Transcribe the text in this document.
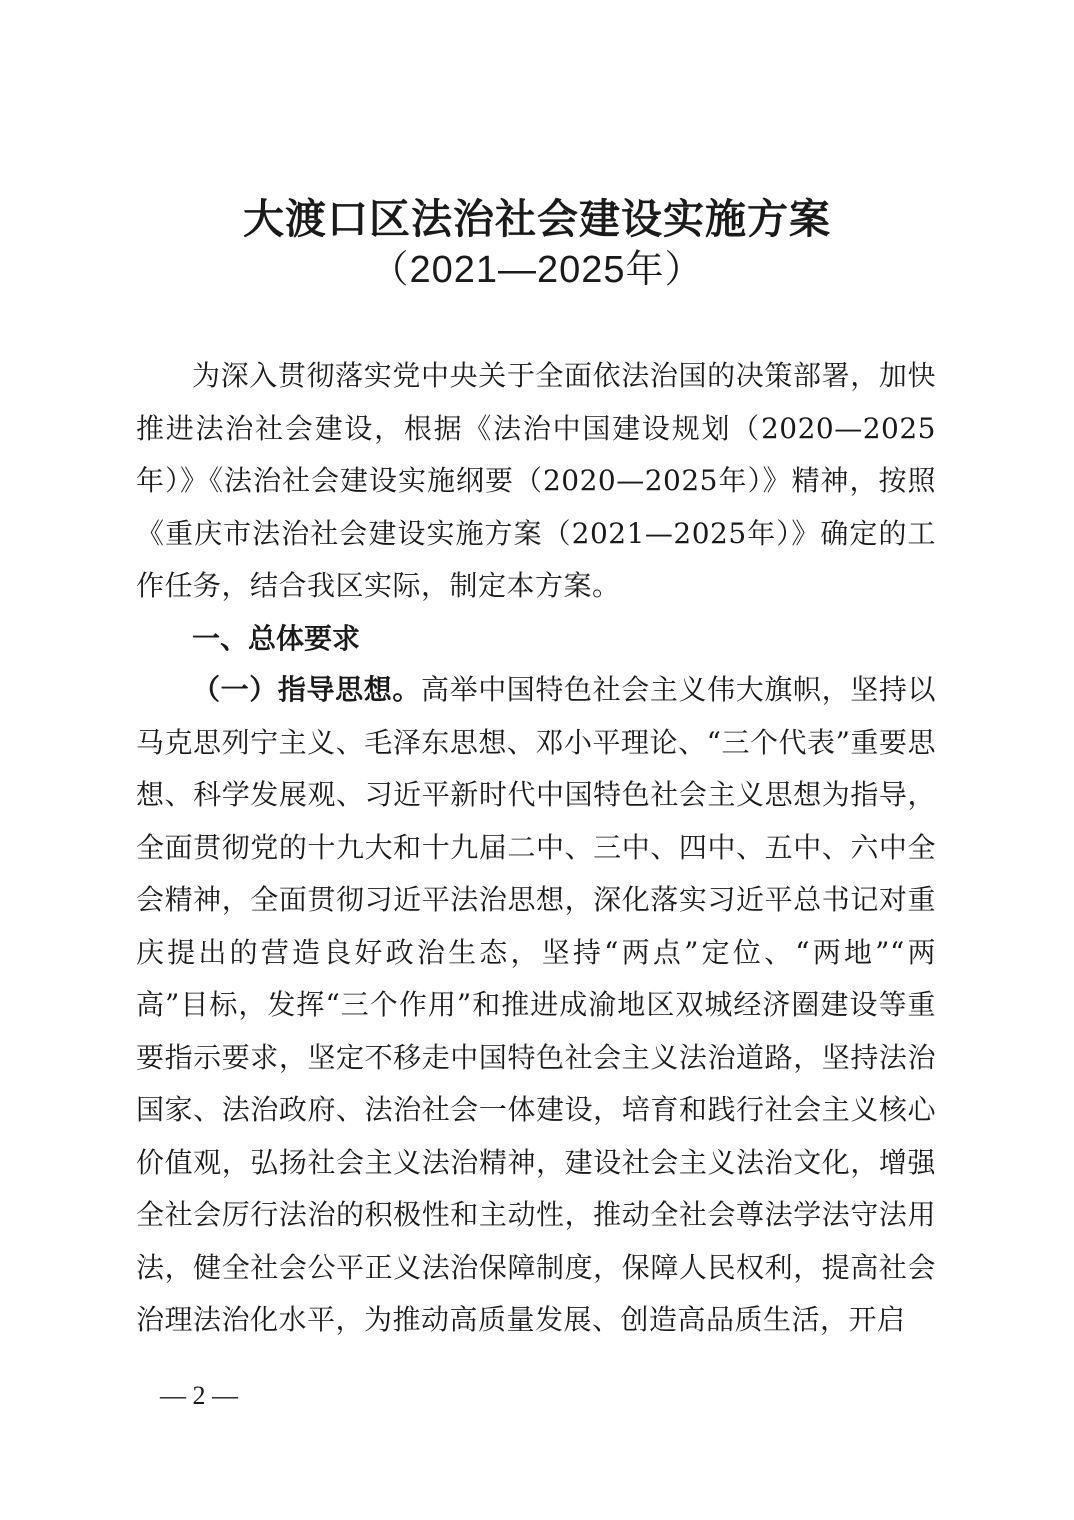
大渡口区法治社会建设实施方案
（2021—2025年）
为深入贯彻落实党中央关于全面依法治国的决策部署，加快推进法治社会建设，根据《法治中国建设规划（2020—2025年）》《法治社会建设实施纲要（2020—2025年）》精神，按照《重庆市法治社会建设实施方案（2021—2025年）》确定的工作任务，结合我区实际，制定本方案。
一、总体要求
（一）指导思想。高举中国特色社会主义伟大旗帜，坚持以马克思列宁主义、毛泽东思想、邓小平理论、“三个代表”重要思想、科学发展观、习近平新时代中国特色社会主义思想为指导，全面贯彻党的十九大和十九届二中、三中、四中、五中、六中全会精神，全面贯彻习近平法治思想，深化落实习近平总书记对重庆提出的营造良好政治生态，坚持“两点”定位、“两地”“两高”目标，发挥“三个作用”和推进成渝地区双城经济圈建设等重要指示要求，坚定不移走中国特色社会主义法治道路，坚持法治国家、法治政府、法治社会一体建设，培育和践行社会主义核心价值观，弘扬社会主义法治精神，建设社会主义法治文化，增强全社会厉行法治的积极性和主动性，推动全社会尊法学法守法用法，健全社会公平正义法治保障制度，保障人民权利，提高社会治理法治化水平，为推动高质量发展、创造高品质生活，开启
— 2 —
